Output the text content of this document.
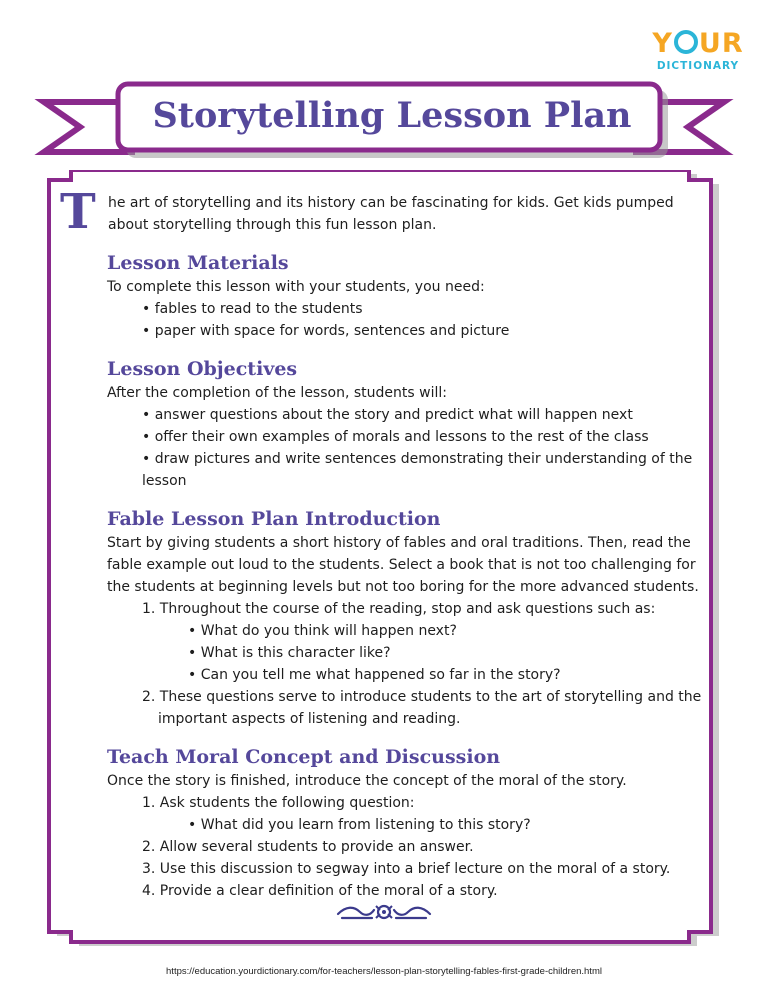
Y UR
DICTIONARY
Storytelling Lesson Plan
T he art of storytelling and its history can be fascinating for kids. Get kids pumped about storytelling through this fun lesson plan.
Lesson Materials

To complete this lesson with your students, you need:

• fables to read to the students
• paper with space for words, sentences and picture
Lesson Objectives

After the completion of the lesson, students will:

• answer questions about the story and predict what will happen next
• offer their own examples of morals and lessons to the rest of the class
• draw pictures and write sentences demonstrating their understanding of the lesson
Fable Lesson Plan Introduction

Start by giving students a short history of fables and oral traditions. Then, read the fable example out loud to the students. Select a book that is not too challenging for the students at beginning levels but not too boring for the more advanced students.

1. Throughout the course of the reading, stop and ask questions such as:
• What do you think will happen next?
• What is this character like?
• Can you tell me what happened so far in the story?
2. These questions serve to introduce students to the art of storytelling and the important aspects of listening and reading.
Teach Moral Concept and Discussion

Once the story is finished, introduce the concept of the moral of the story.

1. Ask students the following question:
• What did you learn from listening to this story?
2. Allow several students to provide an answer.
3. Use this discussion to segway into a brief lecture on the moral of a story.
4. Provide a clear definition of the moral of a story.
https://education.yourdictionary.com/for-teachers/lesson-plan-storytelling-fables-first-grade-children.html
